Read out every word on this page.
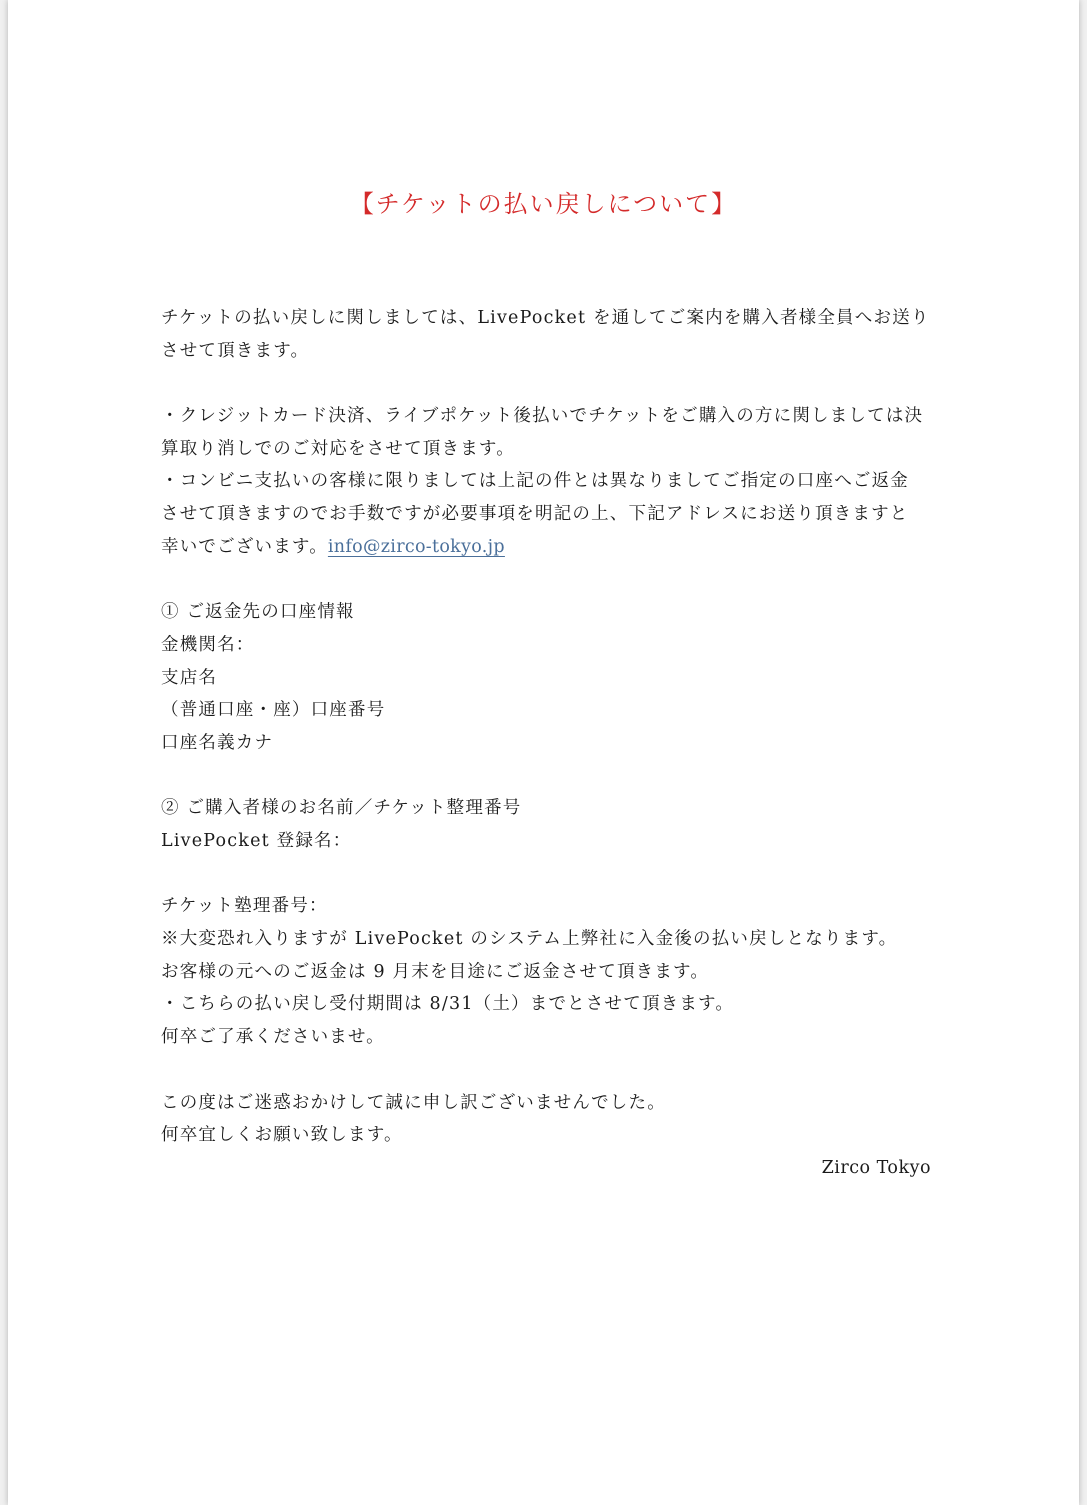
【チケットの払い戻しについて】
チケットの払い戻しに関しましては、LivePocket を通してご案内を購入者様全員へお送り
させて頂きます。
・クレジットカード決済、ライブポケット後払いでチケットをご購入の方に関しましては決
算取り消しでのご対応をさせて頂きます。
・コンビニ支払いの客様に限りましては上記の件とは異なりましてご指定の口座へご返金
させて頂きますのでお手数ですが必要事項を明記の上、下記アドレスにお送り頂きますと
幸いでございます。info@zirco-tokyo.jp
① ご返金先の口座情報
金機関名：
支店名
（普通口座・座）口座番号
口座名義カナ
② ご購入者様のお名前／チケット整理番号
LivePocket 登録名：
チケット塾理番号：
※大変恐れ入りますが LivePocket のシステム上弊社に入金後の払い戻しとなります。
お客様の元へのご返金は 9 月末を目途にご返金させて頂きます。
・こちらの払い戻し受付期間は 8/31（土）までとさせて頂きます。
何卒ご了承くださいませ。
この度はご迷惑おかけして誠に申し訳ございませんでした。
何卒宜しくお願い致します。
Zirco Tokyo
